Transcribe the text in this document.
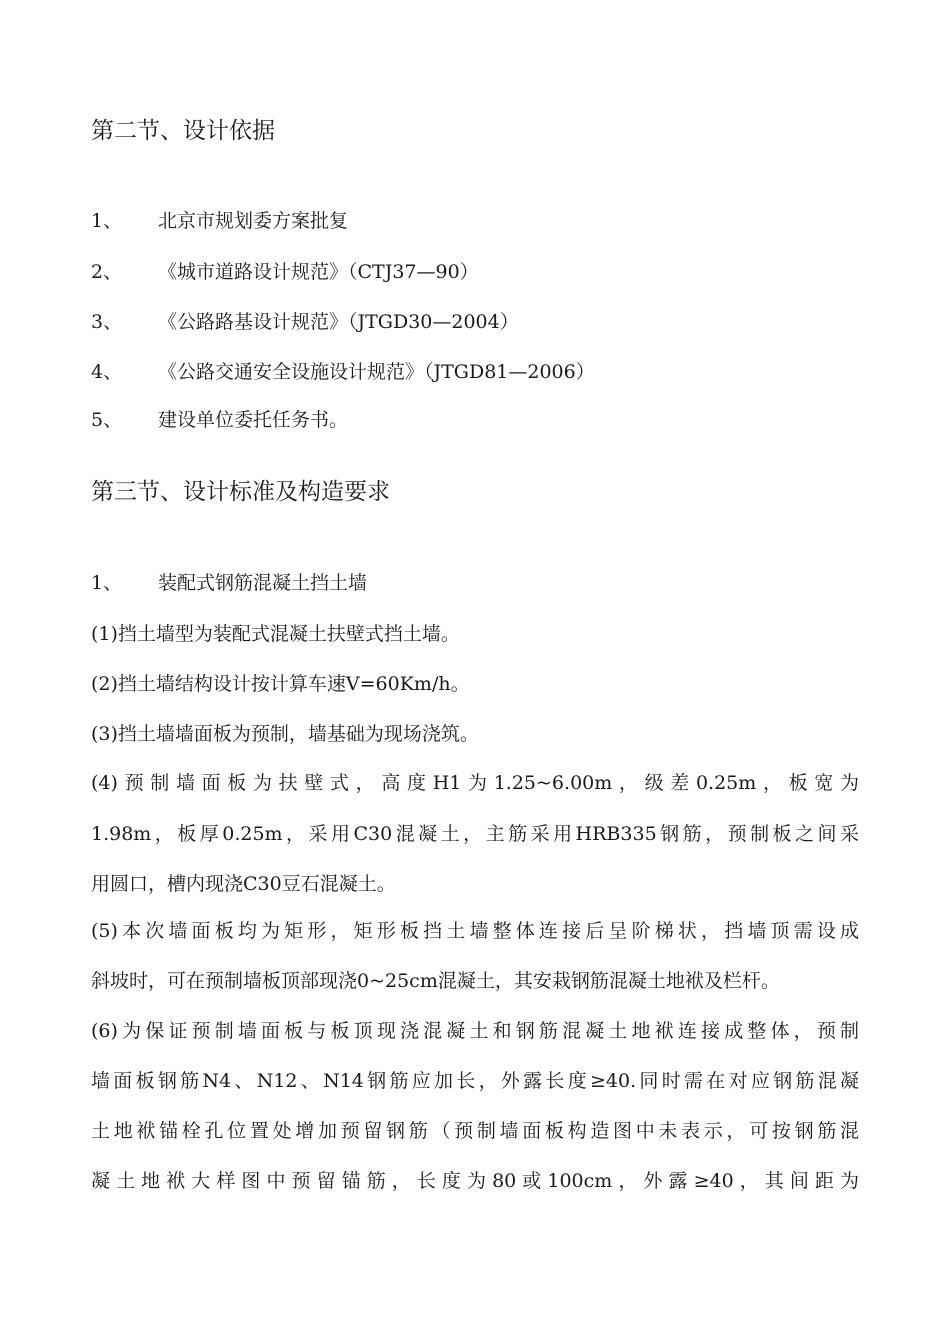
第二节、设计依据
1、 北京市规划委方案批复
2、 《城市道路设计规范》（CTJ37—90）
3、 《公路路基设计规范》（JTGD30—2004）
4、 《公路交通安全设施设计规范》（JTGD81—2006）
5、 建设单位委托任务书。
第三节、设计标准及构造要求
1、 装配式钢筋混凝土挡土墙
(1)挡土墙型为装配式混凝土扶壁式挡土墙。
(2)挡土墙结构设计按计算车速V=60Km/h。
(3)挡土墙墙面板为预制，墙基础为现场浇筑。
(4)预制墙面板为扶壁式，高度H1为1.25~6.00m，级差0.25m，板宽为
1.98m，板厚0.25m，采用C30混凝土，主筋采用HRB335钢筋，预制板之间采
用圆口，槽内现浇C30豆石混凝土。
(5)本次墙面板均为矩形，矩形板挡土墙整体连接后呈阶梯状，挡墙顶需设成
斜坡时，可在预制墙板顶部现浇0~25cm混凝土，其安栽钢筋混凝土地袱及栏杆。
(6)为保证预制墙面板与板顶现浇混凝土和钢筋混凝土地袱连接成整体，预制
墙面板钢筋N4、N12、N14钢筋应加长，外露长度≥40.同时需在对应钢筋混凝
土地袱锚栓孔位置处增加预留钢筋（预制墙面板构造图中未表示，可按钢筋混
凝土地袱大样图中预留锚筋，长度为80或100cm，外露≥40，其间距为
